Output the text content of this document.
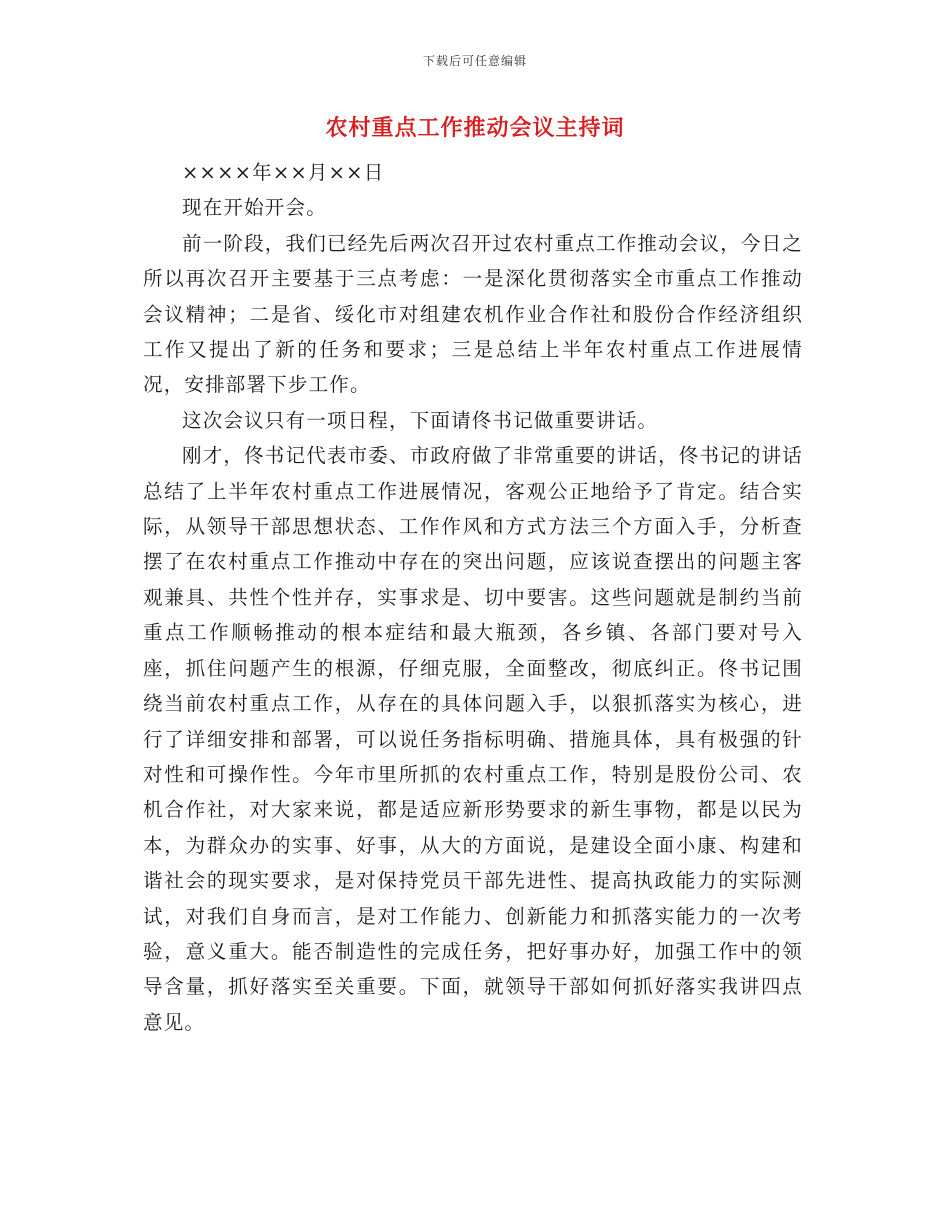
下载后可任意编辑
农村重点工作推动会议主持词

××××年××月××日

现在开始开会。

前一阶段，我们已经先后两次召开过农村重点工作推动会议，今日之所以再次召开主要基于三点考虑：一是深化贯彻落实全市重点工作推动会议精神；二是省、绥化市对组建农机作业合作社和股份合作经济组织工作又提出了新的任务和要求；三是总结上半年农村重点工作进展情况，安排部署下步工作。

这次会议只有一项日程，下面请佟书记做重要讲话。

刚才，佟书记代表市委、市政府做了非常重要的讲话，佟书记的讲话总结了上半年农村重点工作进展情况，客观公正地给予了肯定。结合实际，从领导干部思想状态、工作作风和方式方法三个方面入手，分析查摆了在农村重点工作推动中存在的突出问题，应该说查摆出的问题主客观兼具、共性个性并存，实事求是、切中要害。这些问题就是制约当前重点工作顺畅推动的根本症结和最大瓶颈，各乡镇、各部门要对号入座，抓住问题产生的根源，仔细克服，全面整改，彻底纠正。佟书记围绕当前农村重点工作，从存在的具体问题入手，以狠抓落实为核心，进行了详细安排和部署，可以说任务指标明确、措施具体，具有极强的针对性和可操作性。今年市里所抓的农村重点工作，特别是股份公司、农机合作社，对大家来说，都是适应新形势要求的新生事物，都是以民为本，为群众办的实事、好事，从大的方面说，是建设全面小康、构建和谐社会的现实要求，是对保持党员干部先进性、提高执政能力的实际测试，对我们自身而言，是对工作能力、创新能力和抓落实能力的一次考验，意义重大。能否制造性的完成任务，把好事办好，加强工作中的领导含量，抓好落实至关重要。下面，就领导干部如何抓好落实我讲四点意见。
